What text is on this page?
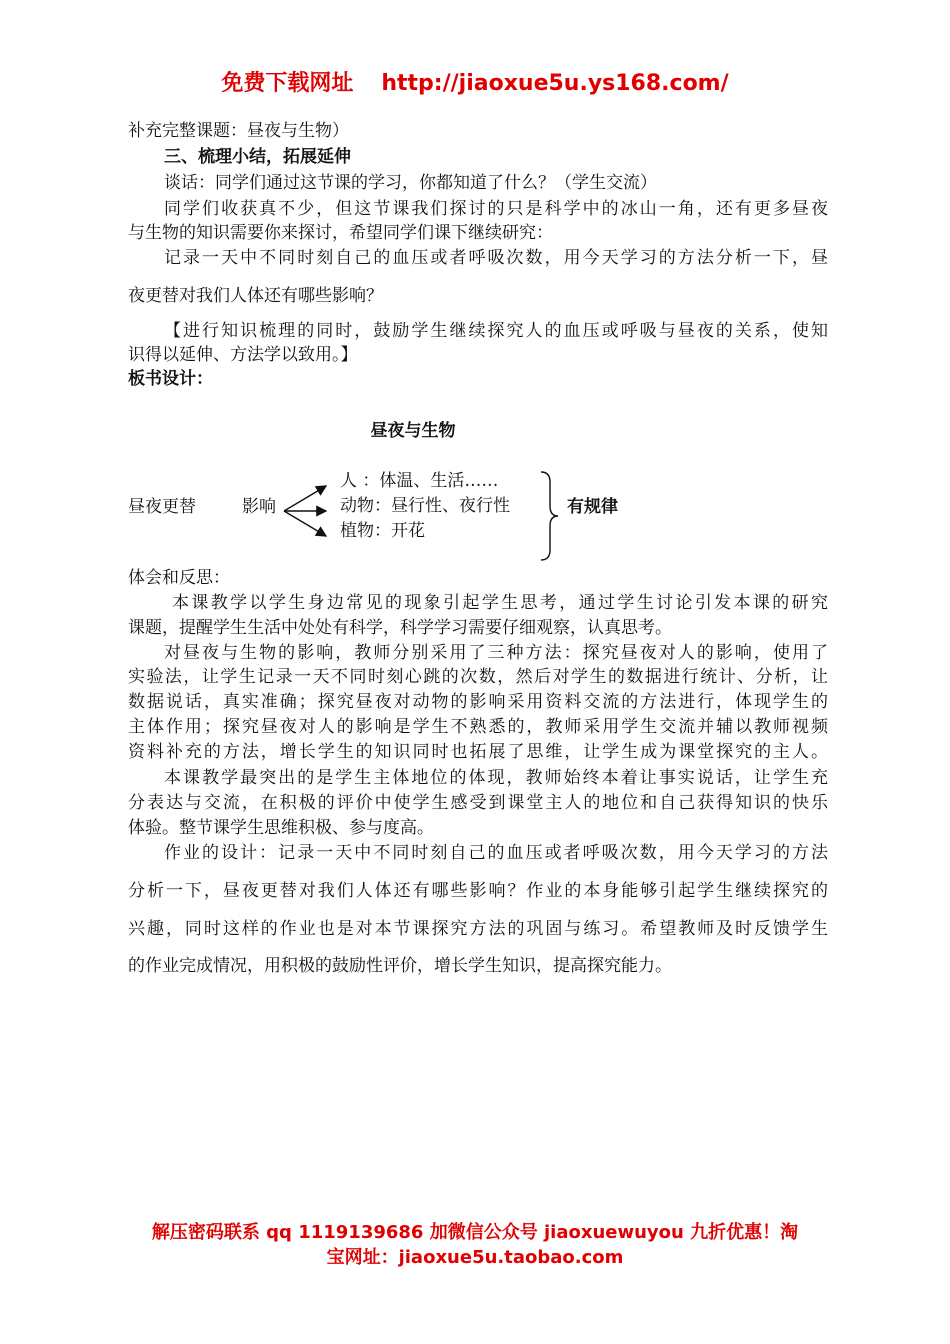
免费下载网址 http://jiaoxue5u.ys168.com/
补充完整课题：昼夜与生物）
三、梳理小结，拓展延伸
谈话：同学们通过这节课的学习，你都知道了什么？（学生交流）
同学们收获真不少，但这节课我们探讨的只是科学中的冰山一角，还有更多昼夜
与生物的知识需要你来探讨，希望同学们课下继续研究：
记录一天中不同时刻自己的血压或者呼吸次数，用今天学习的方法分析一下，昼
夜更替对我们人体还有哪些影响？
【进行知识梳理的同时，鼓励学生继续探究人的血压或呼吸与昼夜的关系，使知
识得以延伸、方法学以致用。】
板书设计：
昼夜与生物
昼夜更替	影响
人 ：体温、生活……
动物：昼行性、夜行性
植物：开花
有规律
体会和反思：
本课教学以学生身边常见的现象引起学生思考，通过学生讨论引发本课的研究
课题，提醒学生生活中处处有科学，科学学习需要仔细观察，认真思考。
对昼夜与生物的影响，教师分别采用了三种方法：探究昼夜对人的影响，使用了
实验法，让学生记录一天不同时刻心跳的次数，然后对学生的数据进行统计、分析，让
数据说话，真实准确；探究昼夜对动物的影响采用资料交流的方法进行，体现学生的
主体作用；探究昼夜对人的影响是学生不熟悉的，教师采用学生交流并辅以教师视频
资料补充的方法，增长学生的知识同时也拓展了思维，让学生成为课堂探究的主人。
本课教学最突出的是学生主体地位的体现，教师始终本着让事实说话，让学生充
分表达与交流，在积极的评价中使学生感受到课堂主人的地位和自己获得知识的快乐
体验。整节课学生思维积极、参与度高。
作业的设计：记录一天中不同时刻自己的血压或者呼吸次数，用今天学习的方法
分析一下，昼夜更替对我们人体还有哪些影响？作业的本身能够引起学生继续探究的
兴趣，同时这样的作业也是对本节课探究方法的巩固与练习。希望教师及时反馈学生
的作业完成情况，用积极的鼓励性评价，增长学生知识，提高探究能力。
解压密码联系 qq 1119139686 加微信公众号 jiaoxuewuyou 九折优惠！淘
宝网址：jiaoxue5u.taobao.com
